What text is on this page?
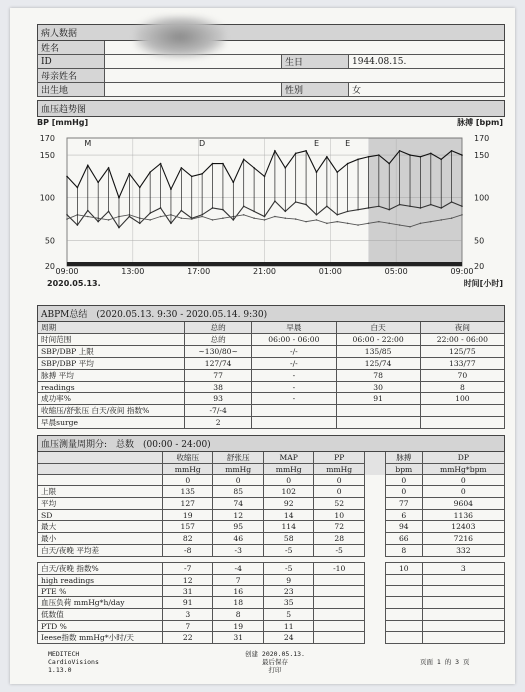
病人数据			
姓名			
ID		生日	1944.08.15.
母亲姓名			
出生地		性别	女
血压趋势图
BP [mmHg]	脉搏 [bpm]
20	20
50	50
100	100
150	150
170	170
09:00	13:00	17:00	21:00	01:00	05:00	09:00
M	D	E	E
2020.05.13.	时间[小时]
ABPM总结　(2020.05.13. 9:30 - 2020.05.14. 9:30)				
周期	总的	早晨	白天	夜间
时间范围	总的	06:00 - 06:00	06:00 - 22:00	22:00 - 06:00
SBP/DBP 上限	~130/80~	-/-	135/85	125/75
SBP/DBP 平均	127/74	-/-	125/74	133/77
脉搏 平均	77	-	78	70
readings	38	-	30	8
成功率%	93	-	91	100
收缩压/舒张压 白天/夜间 指数%	-7/-4			
早晨surge	2			
血压测量周期分:　总数　(00:00 - 24:00)							
	收缩压	舒张压	MAP	PP		脉搏	DP
	mmHg	mmHg	mmHg	mmHg		bpm	mmHg*bpm
	0	0	0	0		0	0
上限	135	85	102	0		0	0
平均	127	74	92	52		77	9604
SD	19	12	14	10		6	1136
最大	157	95	114	72		94	12403
最小	82	46	58	28		66	7216
白天/夜晚 平均差	-8	-3	-5	-5		8	332

白天/夜晚 指数%	-7	-4	-5	-10		10	3
high readings	12	7	9				
PTE %	31	16	23				
血压负荷 mmHg*h/day	91	18	35				
低数值	3	8	5				
PTD %	7	19	11				
Ieese指数 mmHg*小时/天	22	31	24				
MEDITECH
CardioVisions
1.13.0
创建 2020.05.13.
最后保存
打印
页面 1 的 3 页
